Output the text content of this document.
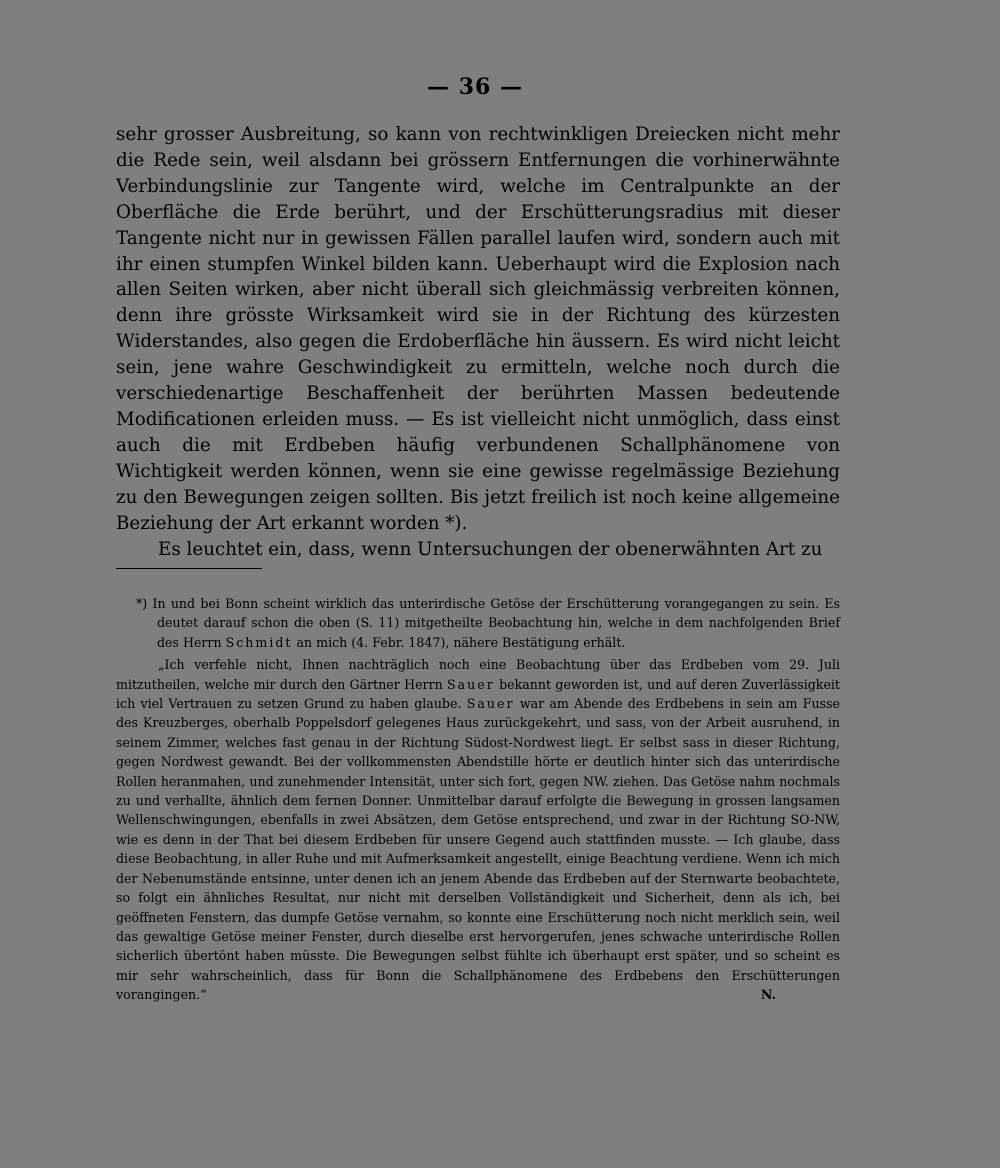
— 36 —

sehr grosser Ausbreitung, so kann von rechtwinkligen Dreiecken nicht mehr die Rede sein, weil alsdann bei grössern Entfernungen die vorhinerwähnte Verbindungslinie zur Tangente wird, welche im Centralpunkte an der Oberfläche die Erde berührt, und der Erschütterungsradius mit dieser Tangente nicht nur in gewissen Fällen parallel laufen wird, sondern auch mit ihr einen stumpfen Winkel bilden kann. Ueberhaupt wird die Explosion nach allen Seiten wirken, aber nicht überall sich gleichmässig verbreiten können, denn ihre grösste Wirksamkeit wird sie in der Richtung des kürzesten Widerstandes, also gegen die Erdoberfläche hin äussern. Es wird nicht leicht sein, jene wahre Geschwindigkeit zu ermitteln, welche noch durch die verschiedenartige Beschaffenheit der berührten Massen bedeutende Modificationen erleiden muss. — Es ist vielleicht nicht unmöglich, dass einst auch die mit Erdbeben häufig verbundenen Schallphänomene von Wichtigkeit werden können, wenn sie eine gewisse regelmässige Beziehung zu den Bewegungen zeigen sollten. Bis jetzt freilich ist noch keine allgemeine Beziehung der Art erkannt worden *).

Es leuchtet ein, dass, wenn Untersuchungen der obenerwähnten Art zu

*) In und bei Bonn scheint wirklich das unterirdische Getöse der Erschütterung vorangegangen zu sein. Es deutet darauf schon die oben (S. 11) mitgetheilte Beobachtung hin, welche in dem nachfolgenden Brief des Herrn Schmidt an mich (4. Febr. 1847), nähere Bestätigung erhält.

„Ich verfehle nicht, Ihnen nachträglich noch eine Beobachtung über das Erdbeben vom 29. Juli mitzutheilen, welche mir durch den Gärtner Herrn Sauer bekannt geworden ist, und auf deren Zuverlässigkeit ich viel Vertrauen zu setzen Grund zu haben glaube. Sauer war am Abende des Erdbebens in sein am Fusse des Kreuzberges, oberhalb Poppelsdorf gelegenes Haus zurückgekehrt, und sass, von der Arbeit ausruhend, in seinem Zimmer, welches fast genau in der Richtung Südost-Nordwest liegt. Er selbst sass in dieser Richtung, gegen Nordwest gewandt. Bei der vollkommensten Abendstille hörte er deutlich hinter sich das unterirdische Rollen heranmahen, und zunehmender Intensität, unter sich fort, gegen NW. ziehen. Das Getöse nahm nochmals zu und verhallte, ähnlich dem fernen Donner. Unmittelbar darauf erfolgte die Bewegung in grossen langsamen Wellenschwingungen, ebenfalls in zwei Absätzen, dem Getöse entsprechend, und zwar in der Richtung SO-NW, wie es denn in der That bei diesem Erdbeben für unsere Gegend auch stattfinden musste. — Ich glaube, dass diese Beobachtung, in aller Ruhe und mit Aufmerksamkeit angestellt, einige Beachtung verdiene. Wenn ich mich der Nebenumstände entsinne, unter denen ich an jenem Abende das Erdbeben auf der Sternwarte beobachtete, so folgt ein ähnliches Resultat, nur nicht mit derselben Vollständigkeit und Sicherheit, denn als ich, bei geöffneten Fenstern, das dumpfe Getöse vernahm, so konnte eine Erschütterung noch nicht merklich sein, weil das gewaltige Getöse meiner Fenster, durch dieselbe erst hervorgerufen, jenes schwache unterirdische Rollen sicherlich übertönt haben müsste. Die Bewegungen selbst fühlte ich überhaupt erst später, und so scheint es mir sehr wahrscheinlich, dass für Bonn die Schallphänomene des Erdbebens den Erschütterungen vorangingen.“	N.
